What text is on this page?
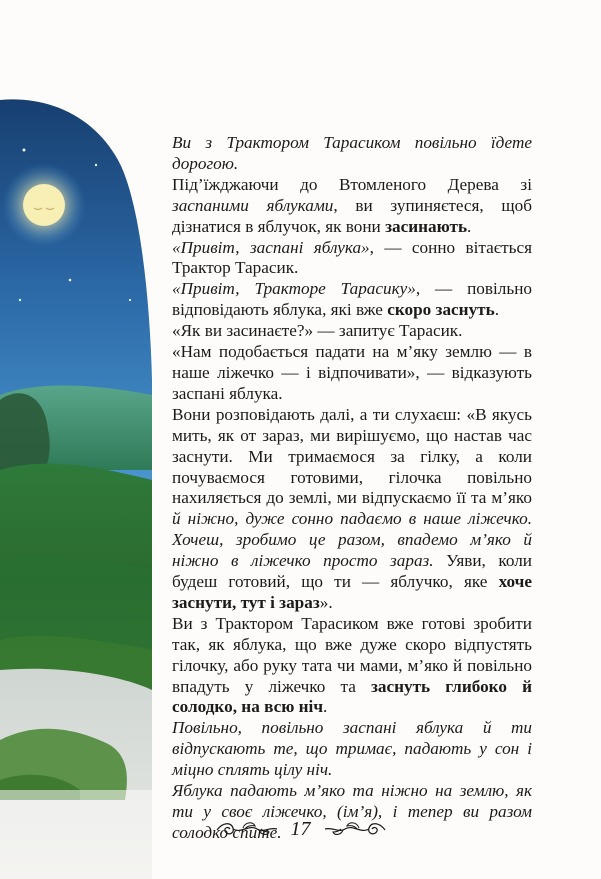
Ви з Трактором Тарасиком повільно їдете дорогою.

Під’їжджаючи до Втомленого Дерева зі заспаними яблуками, ви зупиняєтеся, щоб дізнатися в яблучок, як вони засинають.

«Привіт, заспані яблука», — сонно вітається Трактор Тарасик.

«Привіт, Тракторе Тарасику», — повільно відповідають яблука, які вже скоро заснуть.

«Як ви засинаєте?» — запитує Тарасик.

«Нам подобається падати на м’яку землю — в наше ліжечко — і відпочивати», — відказують заспані яблука.

Вони розповідають далі, а ти слухаєш: «В якусь мить, як от зараз, ми вирішуємо, що настав час заснути. Ми тримаємося за гілку, а коли почуваємося готовими, гілочка повільно нахиляється до землі, ми відпускаємо її та м’яко й ніжно, дуже сонно падаємо в наше ліжечко. Хочеш, зробимо це разом, впадемо м’яко й ніжно в ліжечко просто зараз. Уяви, коли будеш готовий, що ти — яблучко, яке хоче заснути, тут і зараз».

Ви з Трактором Тарасиком вже готові зробити так, як яблука, що вже дуже скоро відпустять гілочку, або руку тата чи мами, м’яко й повільно впадуть у ліжечко та заснуть глибоко й солодко, на всю ніч.

Повільно, повільно заспані яблука й ти відпускають те, що тримає, падають у сон і міцно сплять цілу ніч.

Яблука падають м’яко та ніжно на землю, як ти у своє ліжечко, (ім’я), і тепер ви разом солодко спите. 17
